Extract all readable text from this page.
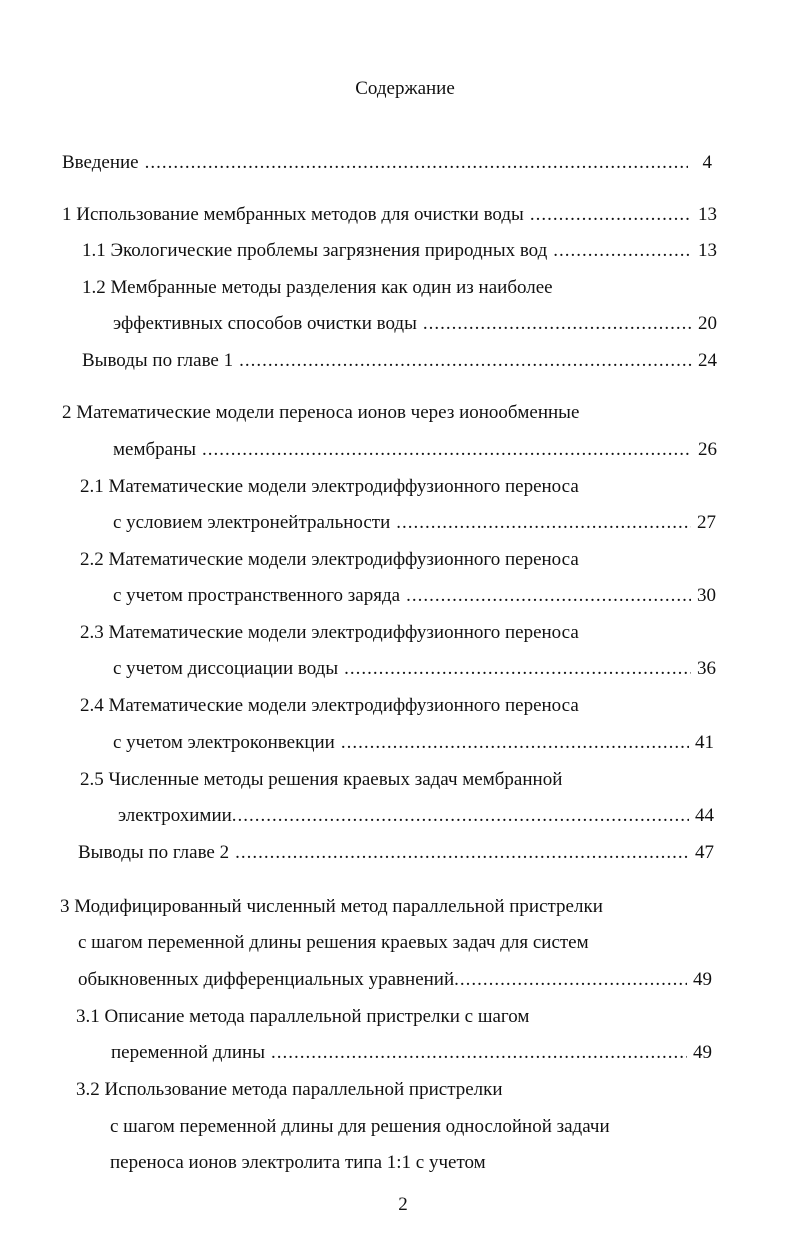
Содержание
Введение .....	4
1 Использование мембранных методов для очистки воды .....	13
1.1 Экологические проблемы загрязнения природных вод .....	13
1.2 Мембранные методы разделения как один из наиболее
эффективных способов очистки воды .....	20
Выводы по главе 1 .....	24
2 Математические модели переноса ионов через ионообменные
мембраны .....	26
2.1 Математические модели электродиффузионного переноса
с условием электронейтральности .....	27
2.2 Математические модели электродиффузионного переноса
с учетом пространственного заряда .....	30
2.3 Математические модели электродиффузионного переноса
с учетом диссоциации воды .....	36
2.4 Математические модели электродиффузионного переноса
с учетом электроконвекции .....	41
2.5 Численные методы решения краевых задач мембранной
электрохимии .....	44
Выводы по главе 2 .....	47
3 Модифицированный численный метод параллельной пристрелки
с шагом переменной длины решения краевых задач для систем
обыкновенных дифференциальных уравнений .....	49
3.1 Описание метода параллельной пристрелки с шагом
переменной длины .....	49
3.2 Использование метода параллельной пристрелки
с шагом переменной длины для решения однослойной задачи
переноса ионов электролита типа 1:1 с учетом
2
